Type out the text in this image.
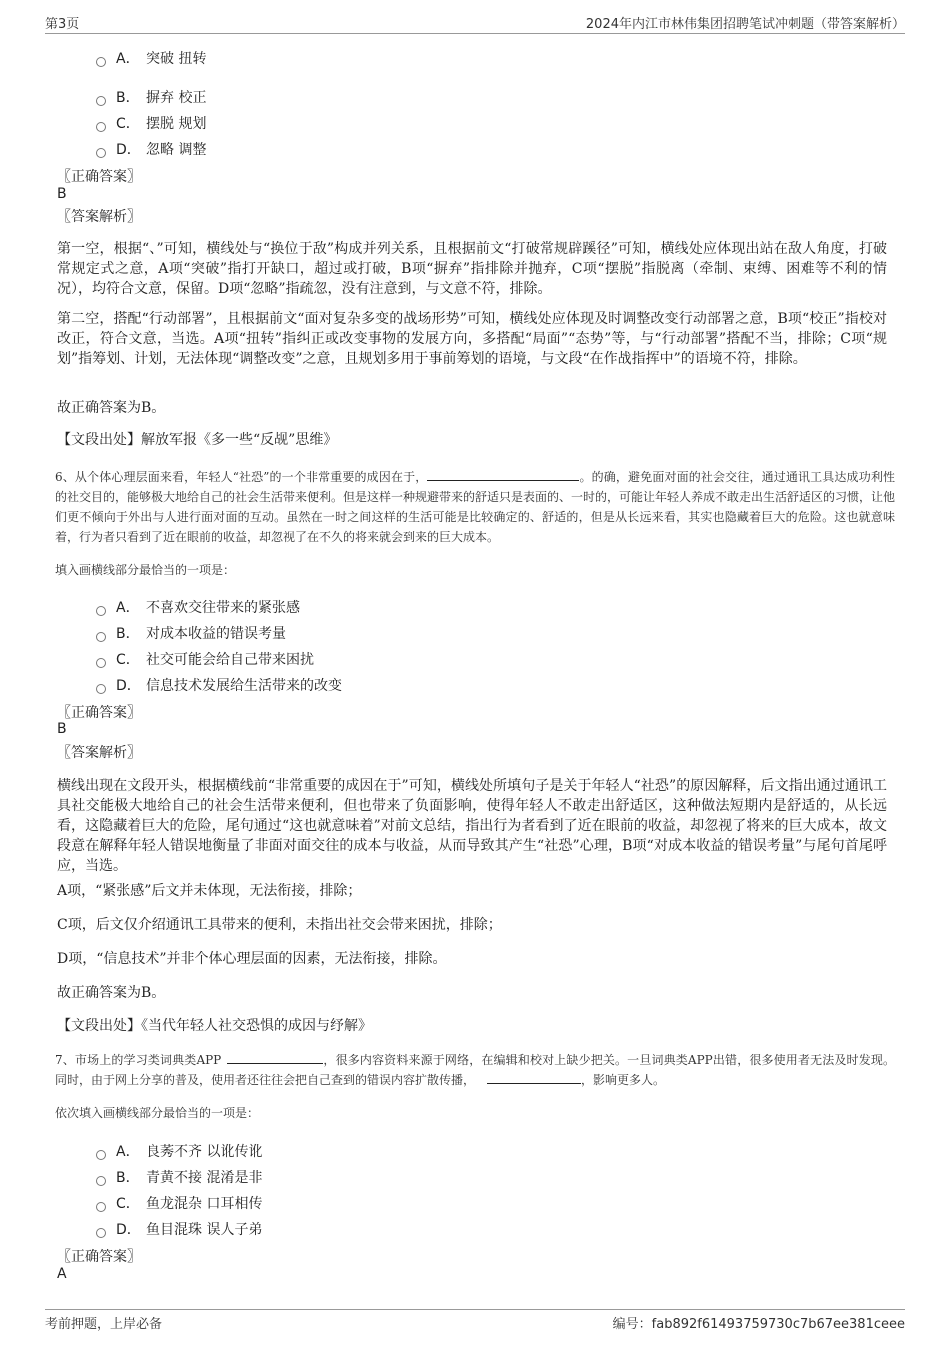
第3页	2024年内江市林伟集团招聘笔试冲刺题（带答案解析）
A． 突破 扭转
B． 摒弃 校正
C． 摆脱 规划
D． 忽略 调整
〖正确答案〗
B
〖答案解析〗
第一空，根据“、”可知，横线处与“换位于敌”构成并列关系，且根据前文“打破常规辟蹊径”可知，横线处应体现出站在敌人角度，打破常规定式之意，A项“突破”指打开缺口，超过或打破，B项“摒弃”指排除并抛弃，C项“摆脱”指脱离（牵制、束缚、困难等不利的情况），均符合文意，保留。D项“忽略”指疏忽，没有注意到，与文意不符，排除。
第二空，搭配“行动部署”，且根据前文“面对复杂多变的战场形势”可知，横线处应体现及时调整改变行动部署之意，B项“校正”指校对改正，符合文意，当选。A项“扭转”指纠正或改变事物的发展方向，多搭配“局面”“态势”等，与“行动部署”搭配不当，排除；C项“规划”指筹划、计划，无法体现“调整改变”之意，且规划多用于事前筹划的语境，与文段“在作战指挥中”的语境不符，排除。
故正确答案为B。
【文段出处】解放军报《多一些“反觇”思维》
6、从个体心理层面来看，年轻人“社恐”的一个非常重要的成因在于，	。的确，避免面对面的社会交往，通过通讯工具达成功利性的社交目的，能够极大地给自己的社会生活带来便利。但是这样一种规避带来的舒适只是表面的、一时的，可能让年轻人养成不敢走出生活舒适区的习惯，让他们更不倾向于外出与人进行面对面的互动。虽然在一时之间这样的生活可能是比较确定的、舒适的，但是从长远来看，其实也隐藏着巨大的危险。这也就意味着，行为者只看到了近在眼前的收益，却忽视了在不久的将来就会到来的巨大成本。
填入画横线部分最恰当的一项是：
A． 不喜欢交往带来的紧张感
B． 对成本收益的错误考量
C． 社交可能会给自己带来困扰
D． 信息技术发展给生活带来的改变
〖正确答案〗
B
〖答案解析〗
横线出现在文段开头，根据横线前“非常重要的成因在于”可知，横线处所填句子是关于年轻人“社恐”的原因解释，后文指出通过通讯工具社交能极大地给自己的社会生活带来便利，但也带来了负面影响，使得年轻人不敢走出舒适区，这种做法短期内是舒适的，从长远看，这隐藏着巨大的危险，尾句通过“这也就意味着”对前文总结，指出行为者看到了近在眼前的收益，却忽视了将来的巨大成本，故文段意在解释年轻人错误地衡量了非面对面交往的成本与收益，从而导致其产生“社恐”心理，B项“对成本收益的错误考量”与尾句首尾呼应，当选。
A项，“紧张感”后文并未体现，无法衔接，排除；
C项，后文仅介绍通讯工具带来的便利，未指出社交会带来困扰，排除；
D项，“信息技术”并非个体心理层面的因素，无法衔接，排除。
故正确答案为B。
【文段出处】《当代年轻人社交恐惧的成因与纾解》
7、市场上的学习类词典类APP	，很多内容资料来源于网络，在编辑和校对上缺少把关。一旦词典类APP出错，很多使用者无法及时发现。同时，由于网上分享的普及，使用者还往往会把自己查到的错误内容扩散传播，	，影响更多人。
依次填入画横线部分最恰当的一项是：
A． 良莠不齐 以讹传讹
B． 青黄不接 混淆是非
C． 鱼龙混杂 口耳相传
D． 鱼目混珠 误人子弟
〖正确答案〗
A
考前押题，上岸必备	编号：fab892f61493759730c7b67ee381ceee
